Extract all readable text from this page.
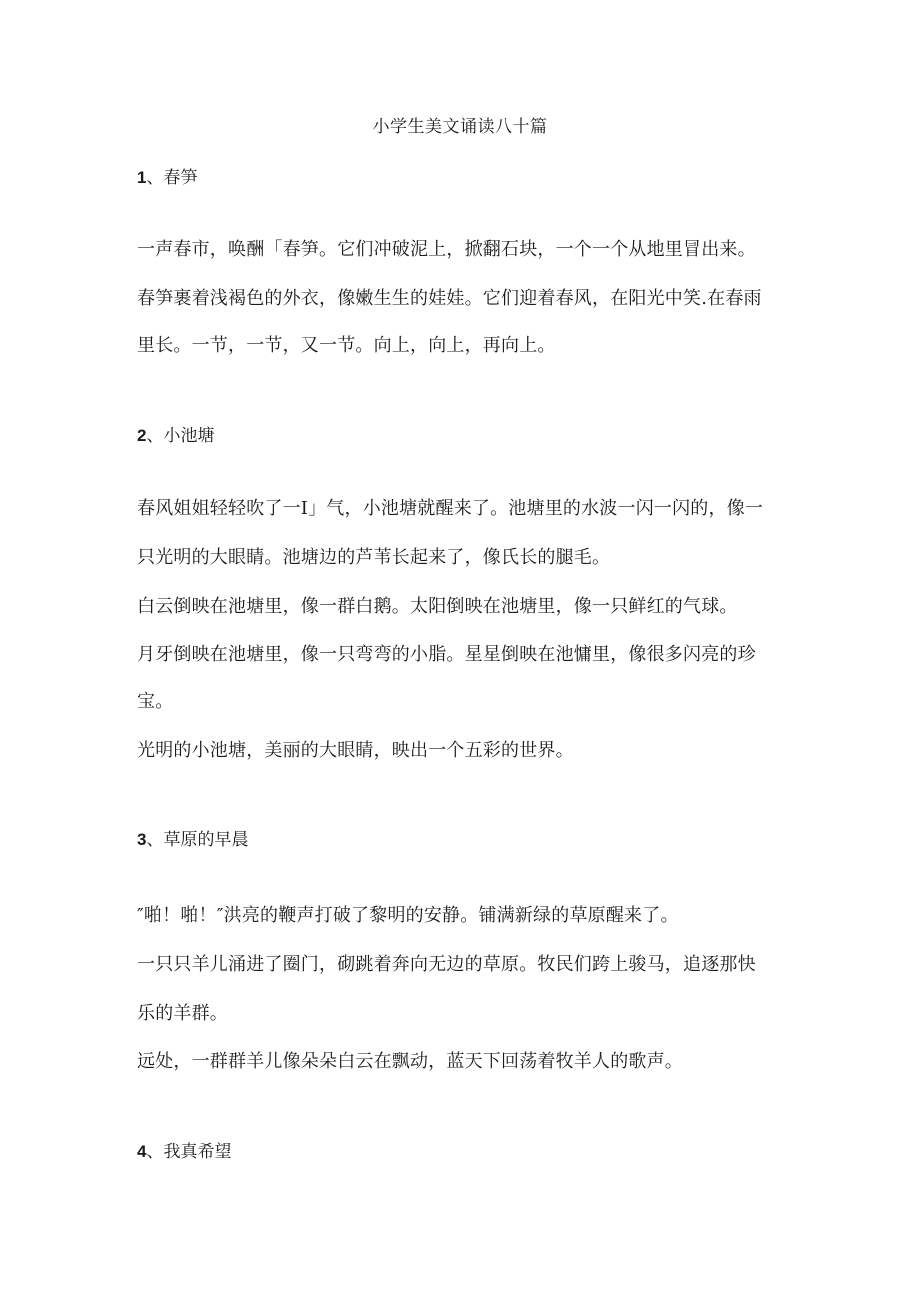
小学生美文诵读八十篇
1、春笋
一声春市，唤酬「春笋。它们冲破泥上，掀翻石块，一个一个从地里冒出来。
春笋裹着浅褐色的外衣，像嫩生生的娃娃。它们迎着春风，在阳光中笑.在春雨
里长。一节，一节，又一节。向上，向上，再向上。
2、小池塘
春风姐姐轻轻吹了一I」气，小池塘就醒来了。池塘里的水波一闪一闪的，像一
只光明的大眼睛。池塘边的芦苇长起来了，像氏长的腿毛。
白云倒映在池塘里，像一群白鹅。太阳倒映在池塘里，像一只鲜红的气球。
月牙倒映在池塘里，像一只弯弯的小脂。星星倒映在池慵里，像很多闪亮的珍
宝。
光明的小池塘，美丽的大眼睛，映出一个五彩的世界。
3、草原的早晨
″啪！啪！″洪亮的鞭声打破了黎明的安静。铺满新绿的草原醒来了。
一只只羊儿涌进了圈门，砌跳着奔向无边的草原。牧民们跨上骏马，追逐那快
乐的羊群。
远处，一群群羊儿像朵朵白云在飘动，蓝天下回荡着牧羊人的歌声。
4、我真希望
